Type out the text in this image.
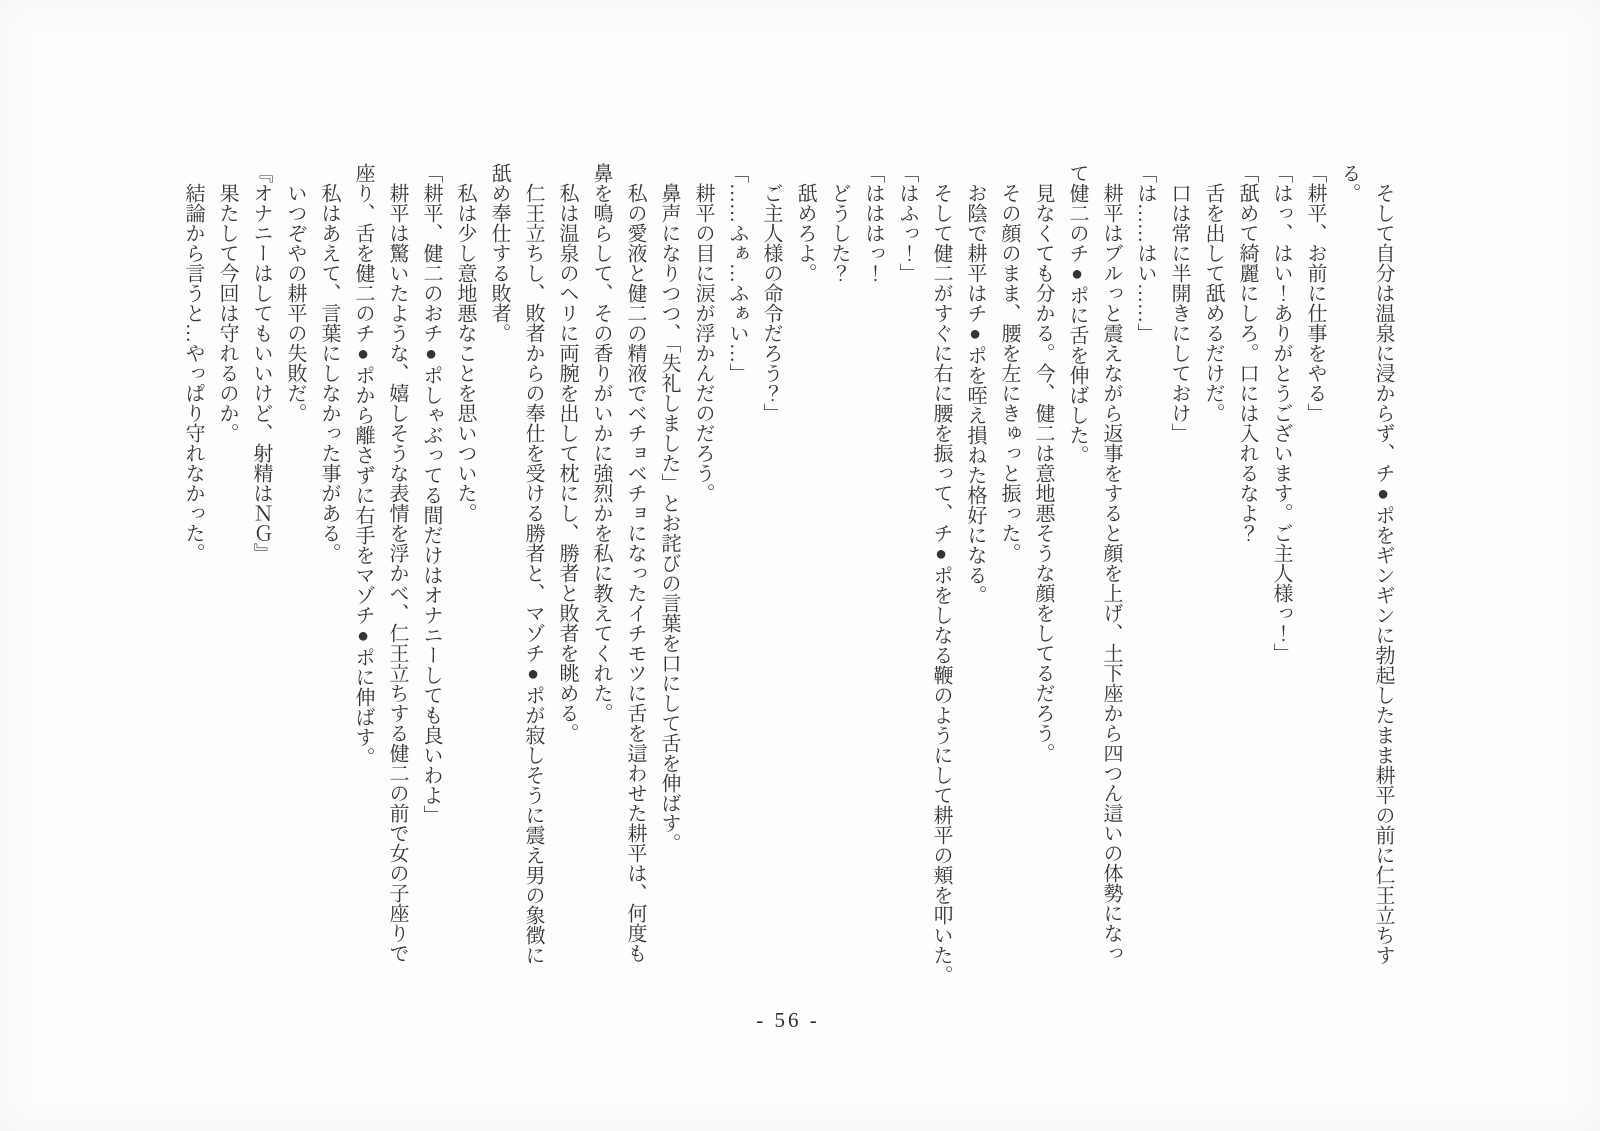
そして自分は温泉に浸からず、チ●ポをギンギンに勃起したまま耕平の前に仁王立ちす
る。
「耕平、お前に仕事をやる」
「はっ、はい！ありがとうございます。ご主人様っ！」
「舐めて綺麗にしろ。口には入れるなよ？
舌を出して舐めるだけだ。
口は常に半開きにしておけ」
「は……はい……」
耕平はブルっと震えながら返事をすると顔を上げ、土下座から四つん這いの体勢になっ
て健二のチ●ポに舌を伸ばした。
見なくても分かる。今、健二は意地悪そうな顔をしてるだろう。
その顔のまま、腰を左にきゅっと振った。
お陰で耕平はチ●ポを咥え損ねた格好になる。
そして健二がすぐに右に腰を振って、チ●ポをしなる鞭のようにして耕平の頬を叩いた。
「はふっ！」
「はははっ！
どうした？
舐めろよ。
ご主人様の命令だろう？」
「……ふぁ…ふぁい…」
耕平の目に涙が浮かんだのだろう。
鼻声になりつつ、「失礼しました」とお詫びの言葉を口にして舌を伸ばす。
私の愛液と健二の精液でベチョベチョになったイチモツに舌を這わせた耕平は、何度も
鼻を鳴らして、その香りがいかに強烈かを私に教えてくれた。
私は温泉のヘリに両腕を出して枕にし、勝者と敗者を眺める。
仁王立ちし、敗者からの奉仕を受ける勝者と、マゾチ●ポが寂しそうに震え男の象徴に
舐め奉仕する敗者。
私は少し意地悪なことを思いついた。
「耕平、健二のおチ●ポしゃぶってる間だけはオナニーしても良いわよ」
耕平は驚いたような、嬉しそうな表情を浮かべ、仁王立ちする健二の前で女の子座りで
座り、舌を健二のチ●ポから離さずに右手をマゾチ●ポに伸ばす。
私はあえて、言葉にしなかった事がある。
いつぞやの耕平の失敗だ。
『オナニーはしてもいいけど、射精はＮＧ』
果たして今回は守れるのか。
結論から言うと…やっぱり守れなかった。
- 56 -
